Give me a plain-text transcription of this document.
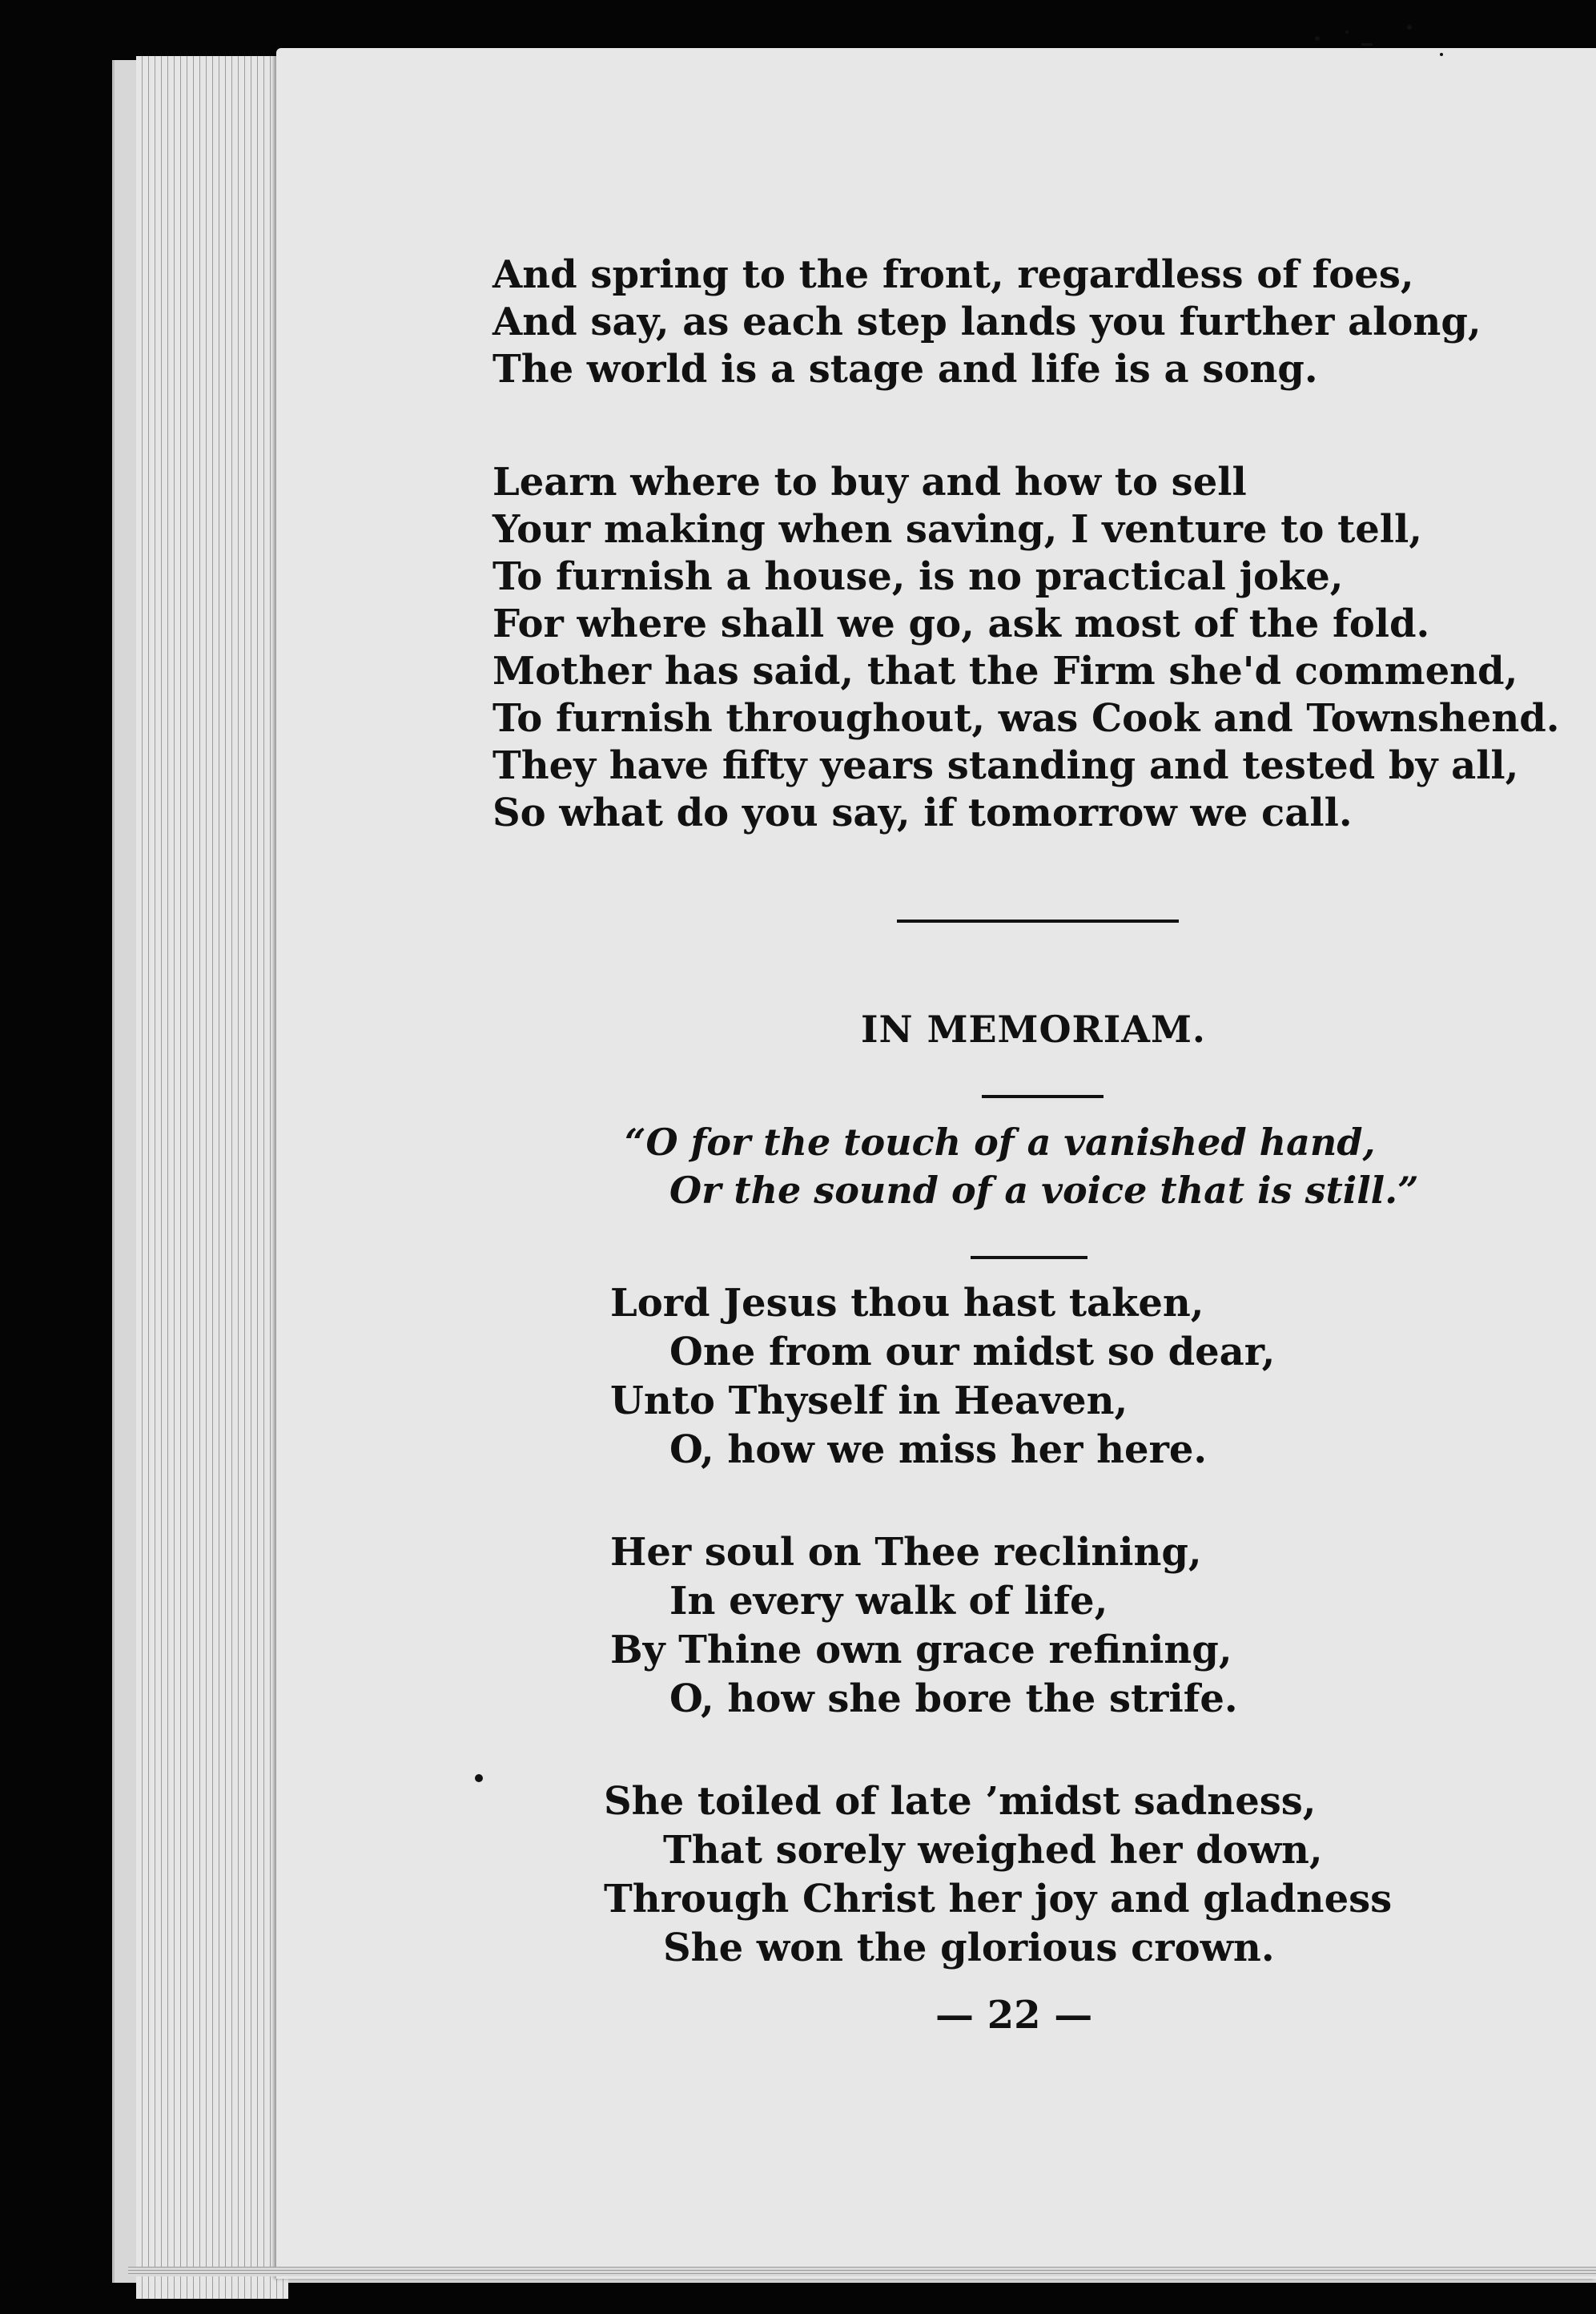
And spring to the front, regardless of foes,
And say, as each step lands you further along,
The world is a stage and life is a song.
Learn where to buy and how to sell
Your making when saving, I venture to tell,
To furnish a house, is no practical joke,
For where shall we go, ask most of the fold.
Mother has said, that the Firm she'd commend,
To furnish throughout, was Cook and Townshend.
They have fifty years standing and tested by all,
So what do you say, if tomorrow we call.
IN MEMORIAM.
“O for the touch of a vanished hand,
Or the sound of a voice that is still.”
Lord Jesus thou hast taken,
One from our midst so dear,
Unto Thyself in Heaven,
O, how we miss her here.
Her soul on Thee reclining,
In every walk of life,
By Thine own grace refining,
O, how she bore the strife.
She toiled of late ’midst sadness,
That sorely weighed her down,
Through Christ her joy and gladness
She won the glorious crown.
— 22 —
